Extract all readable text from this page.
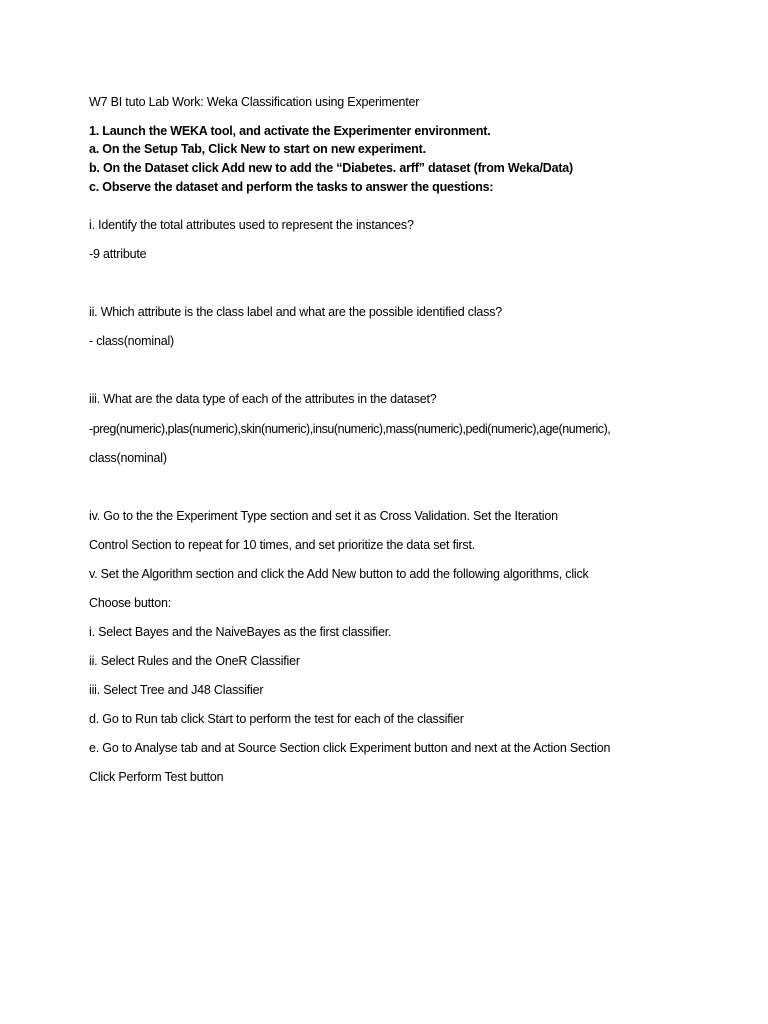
W7 BI tuto Lab Work: Weka Classification using Experimenter
1. Launch the WEKA tool, and activate the Experimenter environment.
a. On the Setup Tab, Click New to start on new experiment.
b. On the Dataset click Add new to add the “Diabetes. arff” dataset (from Weka/Data)
c. Observe the dataset and perform the tasks to answer the questions:
i. Identify the total attributes used to represent the instances?
-9 attribute
ii. Which attribute is the class label and what are the possible identified class?
- class(nominal)
iii. What are the data type of each of the attributes in the dataset?
-preg(numeric),plas(numeric),skin(numeric),insu(numeric),mass(numeric),pedi(numeric),age(numeric),
class(nominal)
iv. Go to the the Experiment Type section and set it as Cross Validation. Set the Iteration
Control Section to repeat for 10 times, and set prioritize the data set first.
v. Set the Algorithm section and click the Add New button to add the following algorithms, click
Choose button:
i. Select Bayes and the NaiveBayes as the first classifier.
ii. Select Rules and the OneR Classifier
iii. Select Tree and J48 Classifier
d. Go to Run tab click Start to perform the test for each of the classifier
e. Go to Analyse tab and at Source Section click Experiment button and next at the Action Section
Click Perform Test button
